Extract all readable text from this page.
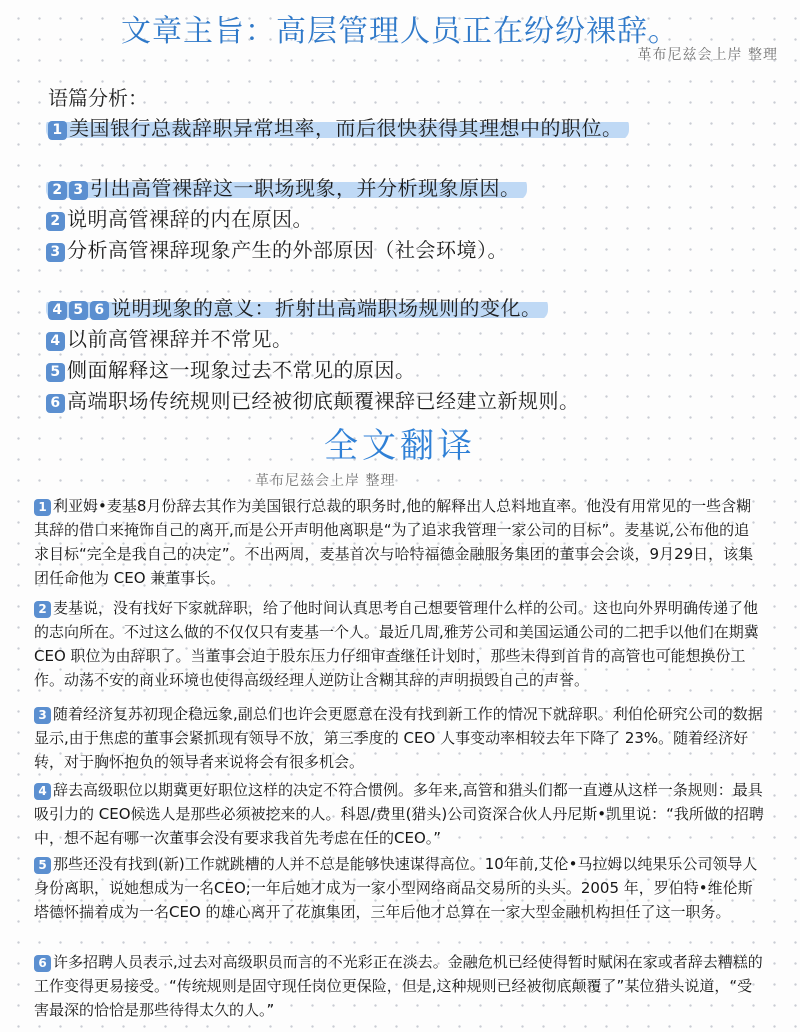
文章主旨：高层管理人员正在纷纷裸辞。
革布尼兹会上岸 整理
语篇分析：
1 美国银行总裁辞职异常坦率，而后很快获得其理想中的职位。
2 3 引出高管裸辞这一职场现象，并分析现象原因。
2 说明高管裸辞的内在原因。
3 分析高管裸辞现象产生的外部原因（社会环境）。
4 5 6 说明现象的意义：折射出高端职场规则的变化。
4 以前高管裸辞并不常见。
5 侧面解释这一现象过去不常见的原因。
6 高端职场传统规则已经被彻底颠覆裸辞已经建立新规则。
全文翻译
革布尼兹会上岸 整理

1 利亚姆•麦基8月份辞去其作为美国银行总裁的职务时,他的解释出人总料地直率。他没有用常见的一些含糊其辞的借口来掩饰自己的离开,而是公开声明他离职是“为了追求我管理一家公司的目标”。麦基说,公布他的追求目标“完全是我自己的决定”。不出两周，麦基首次与哈特福德金融服务集团的董事会会谈，9月29日，该集团任命他为 CEO 兼董事长。

2 麦基说，没有找好下家就辞职，给了他时间认真思考自己想要管理什么样的公司。这也向外界明确传递了他的志向所在。不过这么做的不仅仅只有麦基一个人。最近几周,雅芳公司和美国运通公司的二把手以他们在期冀 CEO 职位为由辞职了。当董事会迫于股东压力仔细审查继任计划时，那些未得到首肯的高管也可能想换份工作。动荡不安的商业环境也使得高级经理人逆防让含糊其辞的声明损毁自己的声誉。

3 随着经济复苏初现企稳远象,副总们也许会更愿意在没有找到新工作的情况下就辞职。利伯伦研究公司的数据显示,由于焦虑的董事会紧抓现有领导不放，第三季度的 CEO 人事变动率相较去年下降了 23%。随着经济好转，对于胸怀抱负的领导者来说将会有很多机会。

4 辞去高级职位以期冀更好职位这样的决定不符合惯例。多年来,高管和猎头们都一直遵从这样一条规则：最具吸引力的 CEO候选人是那些必须被挖来的人。科恩/费里(猎头)公司资深合伙人丹尼斯•凯里说：“我所做的招聘中，想不起有哪一次董事会没有要求我首先考虑在任的CEO。”

5 那些还没有找到(新)工作就跳槽的人并不总是能够快速谋得高位。10年前,艾伦•马拉姆以纯果乐公司领导人身份离职，说她想成为一名CEO;一年后她才成为一家小型网络商品交易所的头头。2005 年，罗伯特•维伦斯塔德怀揣着成为一名CEO 的雄心离开了花旗集团，三年后他才总算在一家大型金融机构担任了这一职务。

6 许多招聘人员表示,过去对高级职员而言的不光彩正在淡去。金融危机已经使得暂时赋闲在家或者辞去糟糕的工作变得更易接受。“传统规则是固守现任岗位更保险，但是,这种规则已经被彻底颠覆了”某位猎头说道，“受害最深的恰恰是那些待得太久的人。”
